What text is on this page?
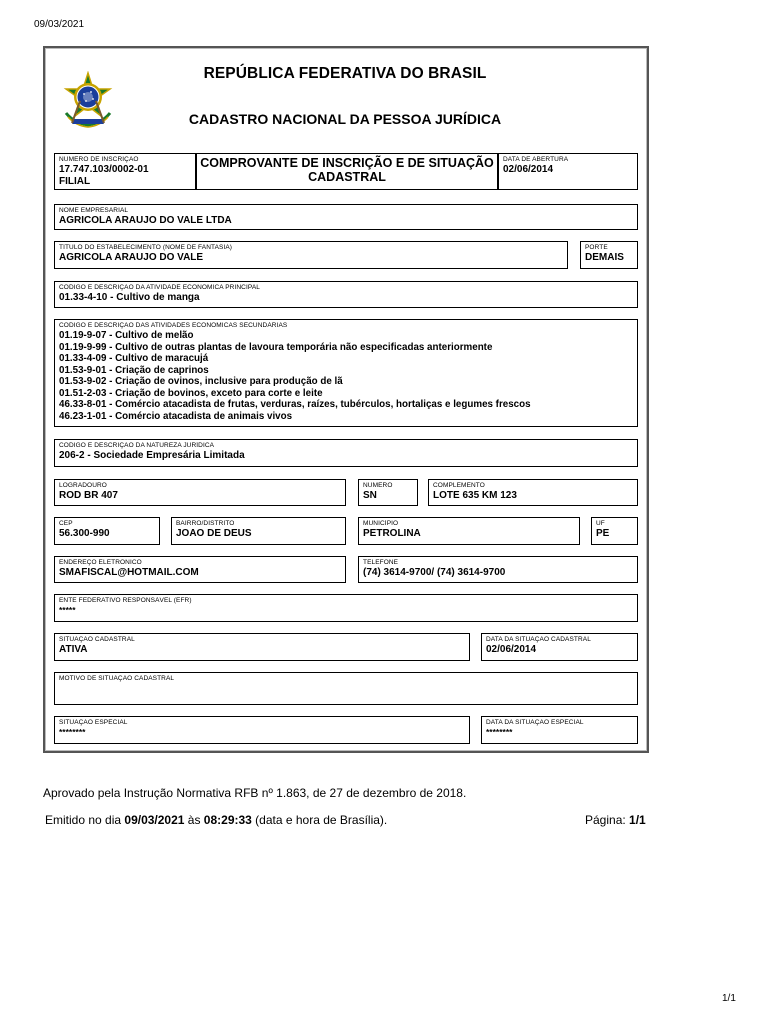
09/03/2021
REPÚBLICA FEDERATIVA DO BRASIL
CADASTRO NACIONAL DA PESSOA JURÍDICA
NÚMERO DE INSCRIÇÃO
17.747.103/0002-01
FILIAL
COMPROVANTE DE INSCRIÇÃO E DE SITUAÇÃO CADASTRAL
DATA DE ABERTURA
02/06/2014
NOME EMPRESARIAL
AGRICOLA ARAUJO DO VALE LTDA
TÍTULO DO ESTABELECIMENTO (NOME DE FANTASIA)
AGRICOLA ARAUJO DO VALE
PORTE
DEMAIS
CÓDIGO E DESCRIÇÃO DA ATIVIDADE ECONÔMICA PRINCIPAL
01.33-4-10 - Cultivo de manga
CÓDIGO E DESCRIÇÃO DAS ATIVIDADES ECONÔMICAS SECUNDÁRIAS
01.19-9-07 - Cultivo de melão
01.19-9-99 - Cultivo de outras plantas de lavoura temporária não especificadas anteriormente
01.33-4-09 - Cultivo de maracujá
01.53-9-01 - Criação de caprinos
01.53-9-02 - Criação de ovinos, inclusive para produção de lã
01.51-2-03 - Criação de bovinos, exceto para corte e leite
46.33-8-01 - Comércio atacadista de frutas, verduras, raízes, tubérculos, hortaliças e legumes frescos
46.23-1-01 - Comércio atacadista de animais vivos
CÓDIGO E DESCRIÇÃO DA NATUREZA JURÍDICA
206-2 - Sociedade Empresária Limitada
LOGRADOURO
ROD BR 407
NÚMERO
SN
COMPLEMENTO
LOTE 635 KM 123
CEP
56.300-990
BAIRRO/DISTRITO
JOAO DE DEUS
MUNICÍPIO
PETROLINA
UF
PE
ENDEREÇO ELETRÔNICO
SMAFISCAL@HOTMAIL.COM
TELEFONE
(74) 3614-9700/ (74) 3614-9700
ENTE FEDERATIVO RESPONSÁVEL (EFR)
*****
SITUAÇÃO CADASTRAL
ATIVA
DATA DA SITUAÇÃO CADASTRAL
02/06/2014
MOTIVO DE SITUAÇÃO CADASTRAL
SITUAÇÃO ESPECIAL
********
DATA DA SITUAÇÃO ESPECIAL
********
Aprovado pela Instrução Normativa RFB nº 1.863, de 27 de dezembro de 2018.
Emitido no dia 09/03/2021 às 08:29:33 (data e hora de Brasília).	Página: 1/1
1/1
